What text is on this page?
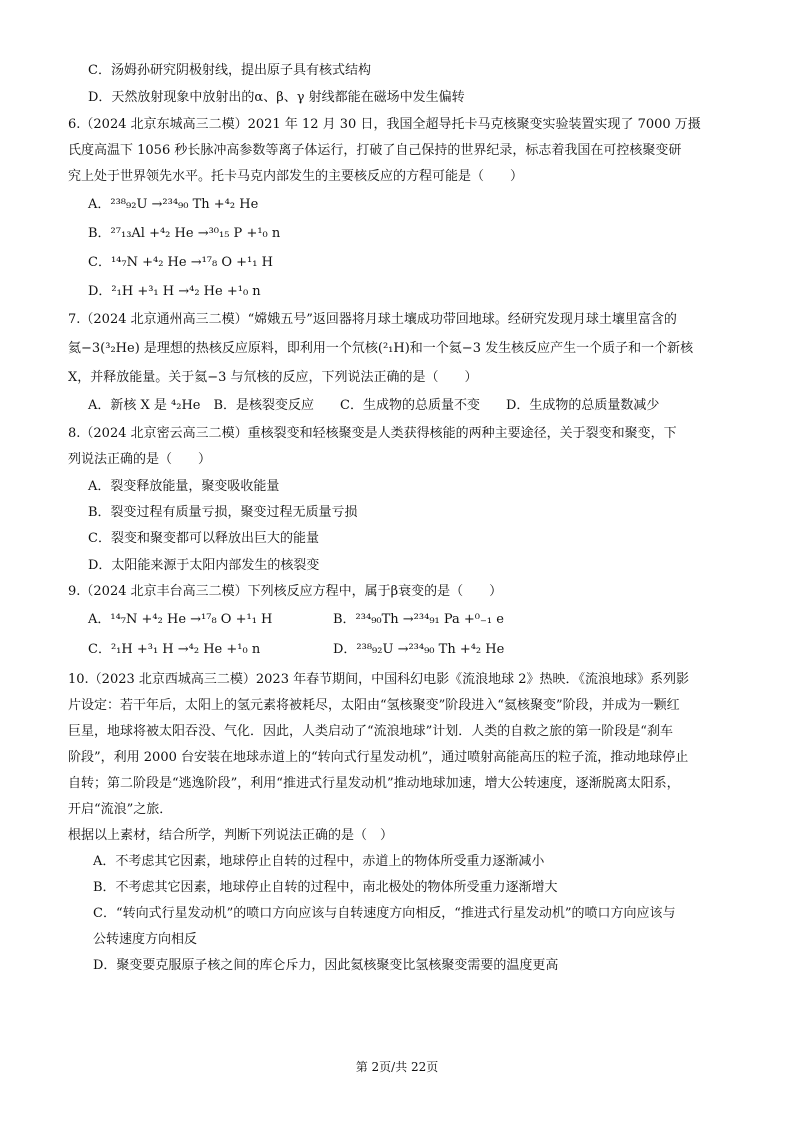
C．汤姆孙研究阴极射线，提出原子具有核式结构
D．天然放射现象中放射出的α、β、γ 射线都能在磁场中发生偏转
6.（2024 北京东城高三二模）2021 年 12 月 30 日，我国全超导托卡马克核聚变实验装置实现了 7000 万摄
氏度高温下 1056 秒长脉冲高参数等离子体运行，打破了自己保持的世界纪录，标志着我国在可控核聚变研
究上处于世界领先水平。托卡马克内部发生的主要核反应的方程可能是（　　）
A．²³⁸₉₂U →²³⁴₉₀ Th +⁴₂ He
B．²⁷₁₃Al +⁴₂ He →³⁰₁₅ P +¹₀ n
C．¹⁴₇N +⁴₂ He →¹⁷₈ O +¹₁ H
D．²₁H +³₁ H →⁴₂ He +¹₀ n
7.（2024 北京通州高三二模）“嫦娥五号”返回器将月球土壤成功带回地球。经研究发现月球土壤里富含的
氦−3(³₂He) 是理想的热核反应原料，即利用一个氘核(²₁H)和一个氦−3 发生核反应产生一个质子和一个新核
X，并释放能量。关于氦−3 与氘核的反应，下列说法正确的是（　　）
A．新核 X 是 ⁴₂He　B．是核裂变反应　　C．生成物的总质量不变　　D．生成物的总质量数减少
8.（2024 北京密云高三二模）重核裂变和轻核聚变是人类获得核能的两种主要途径，关于裂变和聚变，下
列说法正确的是（　　）
A．裂变释放能量，聚变吸收能量
B．裂变过程有质量亏损，聚变过程无质量亏损
C．裂变和聚变都可以释放出巨大的能量
D．太阳能来源于太阳内部发生的核裂变
9.（2024 北京丰台高三二模）下列核反应方程中，属于β衰变的是（　　）
A．¹⁴₇N +⁴₂ He →¹⁷₈ O +¹₁ H	B．²³⁴₉₀Th →²³⁴₉₁ Pa +⁰₋₁ e
C．²₁H +³₁ H →⁴₂ He +¹₀ n	D．²³⁸₉₂U →²³⁴₉₀ Th +⁴₂ He
10.（2023 北京西城高三二模）2023 年春节期间，中国科幻电影《流浪地球 2》热映．《流浪地球》系列影
片设定：若干年后，太阳上的氢元素将被耗尽，太阳由“氢核聚变”阶段进入“氦核聚变”阶段，并成为一颗红
巨星，地球将被太阳吞没、气化．因此，人类启动了“流浪地球”计划．人类的自救之旅的第一阶段是“刹车
阶段”，利用 2000 台安装在地球赤道上的“转向式行星发动机”，通过喷射高能高压的粒子流，推动地球停止
自转；第二阶段是“逃逸阶段”，利用“推进式行星发动机”推动地球加速，增大公转速度，逐渐脱离太阳系，
开启“流浪”之旅．
根据以上素材，结合所学，判断下列说法正确的是（　）
A．不考虑其它因素，地球停止自转的过程中，赤道上的物体所受重力逐渐减小
B．不考虑其它因素，地球停止自转的过程中，南北极处的物体所受重力逐渐增大
C．“转向式行星发动机”的喷口方向应该与自转速度方向相反，“推进式行星发动机”的喷口方向应该与
公转速度方向相反
D．聚变要克服原子核之间的库仑斥力，因此氦核聚变比氢核聚变需要的温度更高
第 2页/共 22页
